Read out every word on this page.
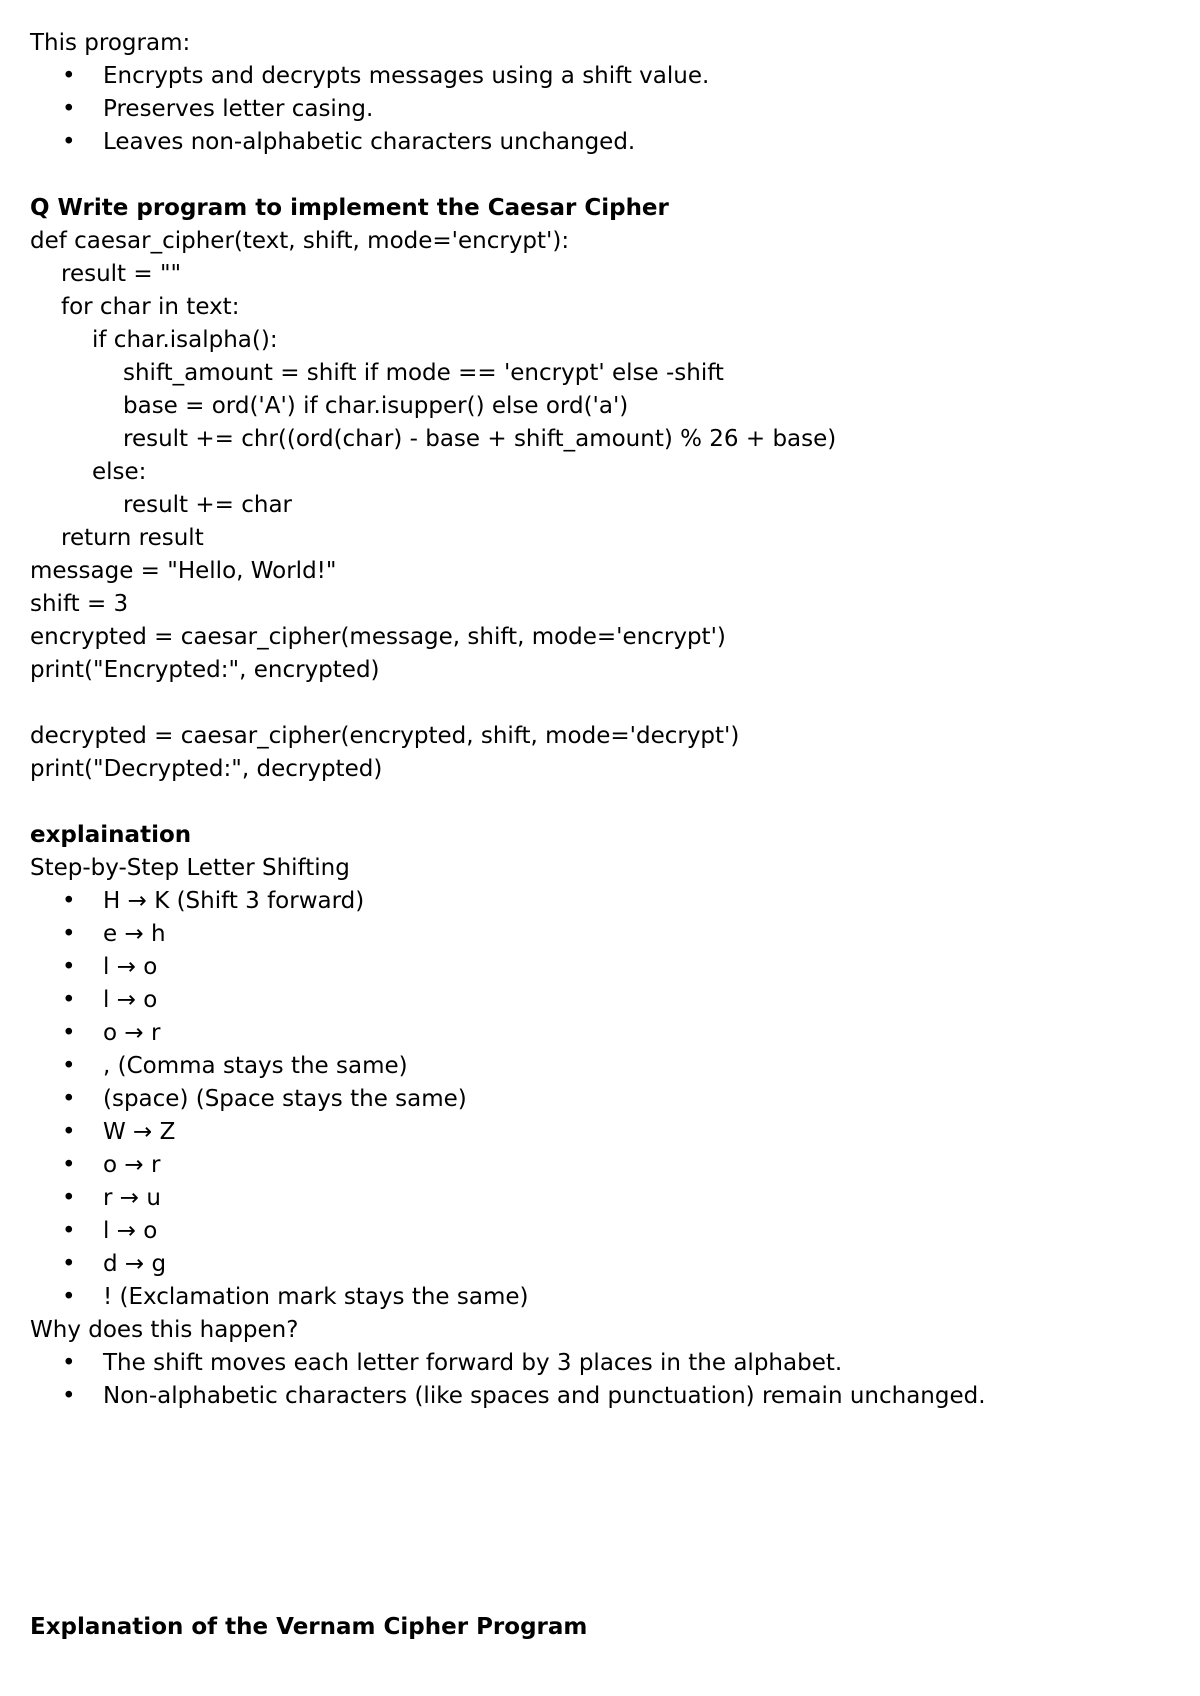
This program:
• Encrypts and decrypts messages using a shift value.
• Preserves letter casing.
• Leaves non-alphabetic characters unchanged.
Q Write program to implement the Caesar Cipher
def caesar_cipher(text, shift, mode='encrypt'):
result = ""
for char in text:
if char.isalpha():
shift_amount = shift if mode == 'encrypt' else -shift
base = ord('A') if char.isupper() else ord('a')
result += chr((ord(char) - base + shift_amount) % 26 + base)
else:
result += char
return result
message = "Hello, World!"
shift = 3
encrypted = caesar_cipher(message, shift, mode='encrypt')
print("Encrypted:", encrypted)
decrypted = caesar_cipher(encrypted, shift, mode='decrypt')
print("Decrypted:", decrypted)
explaination
Step-by-Step Letter Shifting
• H → K (Shift 3 forward)
• e → h
• l → o
• l → o
• o → r
• , (Comma stays the same)
• (space) (Space stays the same)
• W → Z
• o → r
• r → u
• l → o
• d → g
• ! (Exclamation mark stays the same)
Why does this happen?
• The shift moves each letter forward by 3 places in the alphabet.
• Non-alphabetic characters (like spaces and punctuation) remain unchanged.
Explanation of the Vernam Cipher Program
